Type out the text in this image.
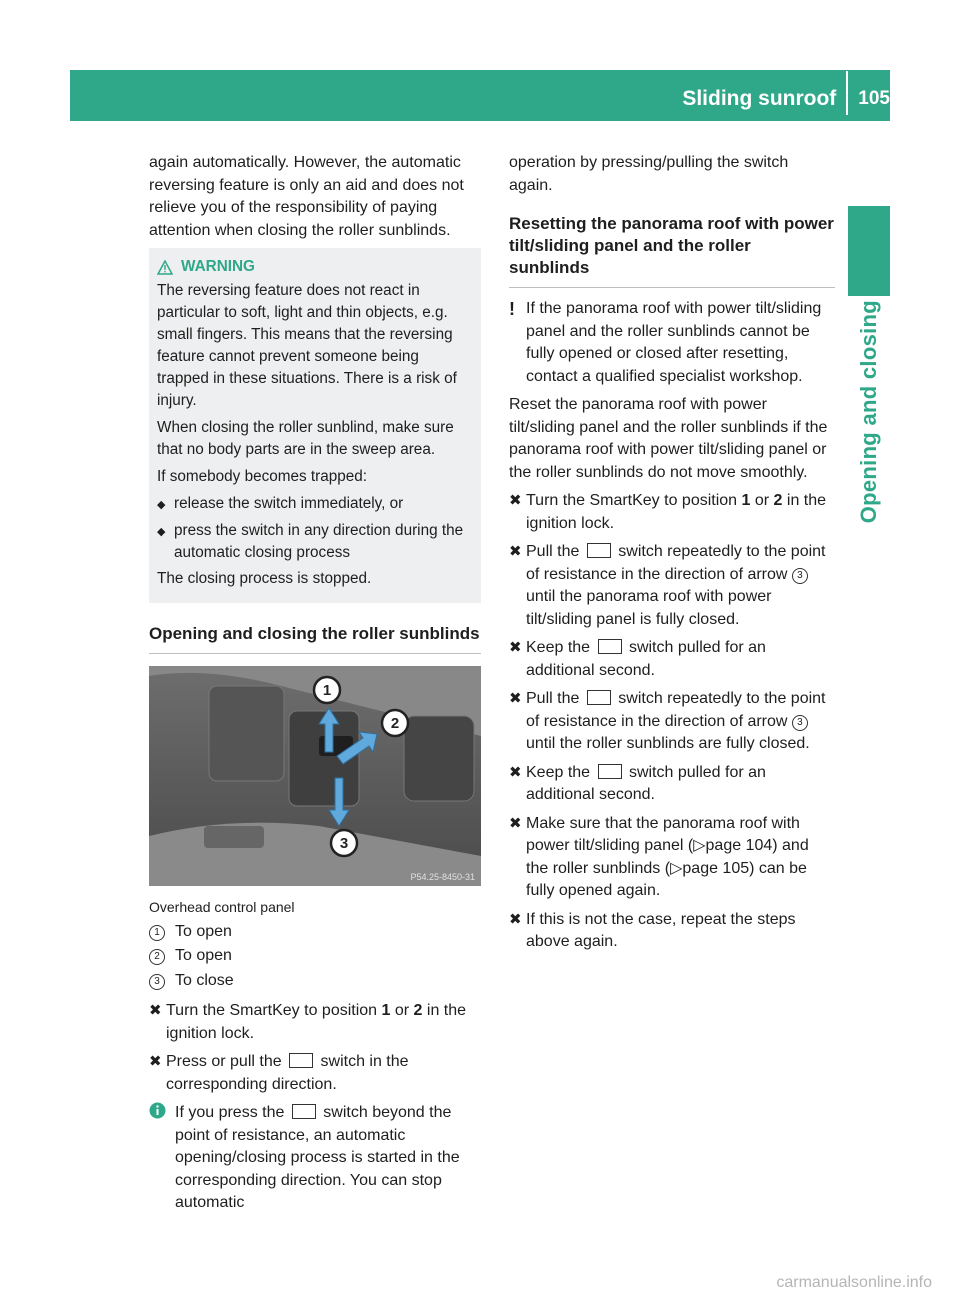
Sliding sunroof 105
Opening and closing

again automatically. However, the automatic reversing feature is only an aid and does not relieve you of the responsibility of paying attention when closing the roller sunblinds.

WARNING

The reversing feature does not react in particular to soft, light and thin objects, e.g. small fingers. This means that the reversing feature cannot prevent someone being trapped in these situations. There is a risk of injury.

When closing the roller sunblind, make sure that no body parts are in the sweep area.

If somebody becomes trapped:

◆ release the switch immediately, or
◆ press the switch in any direction during the automatic closing process

The closing process is stopped.

Opening and closing the roller sunblinds
1
2
3
P54.25-8450-31
Overhead control panel
1 To open
2 To open
3 To close
✖ Turn the SmartKey to position 1 or 2 in the ignition lock.
✖ Press or pull the  switch in the corresponding direction.
If you press the  switch beyond the point of resistance, an automatic opening/closing process is started in the corresponding direction. You can stop automatic

operation by pressing/pulling the switch again.

Resetting the panorama roof with power tilt/sliding panel and the roller sunblinds
! If the panorama roof with power tilt/sliding panel and the roller sunblinds cannot be fully opened or closed after resetting, contact a qualified specialist workshop.

Reset the panorama roof with power tilt/sliding panel and the roller sunblinds if the panorama roof with power tilt/sliding panel or the roller sunblinds do not move smoothly.

✖ Turn the SmartKey to position 1 or 2 in the ignition lock.
✖ Pull the  switch repeatedly to the point of resistance in the direction of arrow 3 until the panorama roof with power tilt/sliding panel is fully closed.
✖ Keep the  switch pulled for an additional second.
✖ Pull the  switch repeatedly to the point of resistance in the direction of arrow 3 until the roller sunblinds are fully closed.
✖ Keep the  switch pulled for an additional second.
✖ Make sure that the panorama roof with power tilt/sliding panel (▷page 104) and the roller sunblinds (▷page 105) can be fully opened again.
✖ If this is not the case, repeat the steps above again.
carmanualsonline.info
